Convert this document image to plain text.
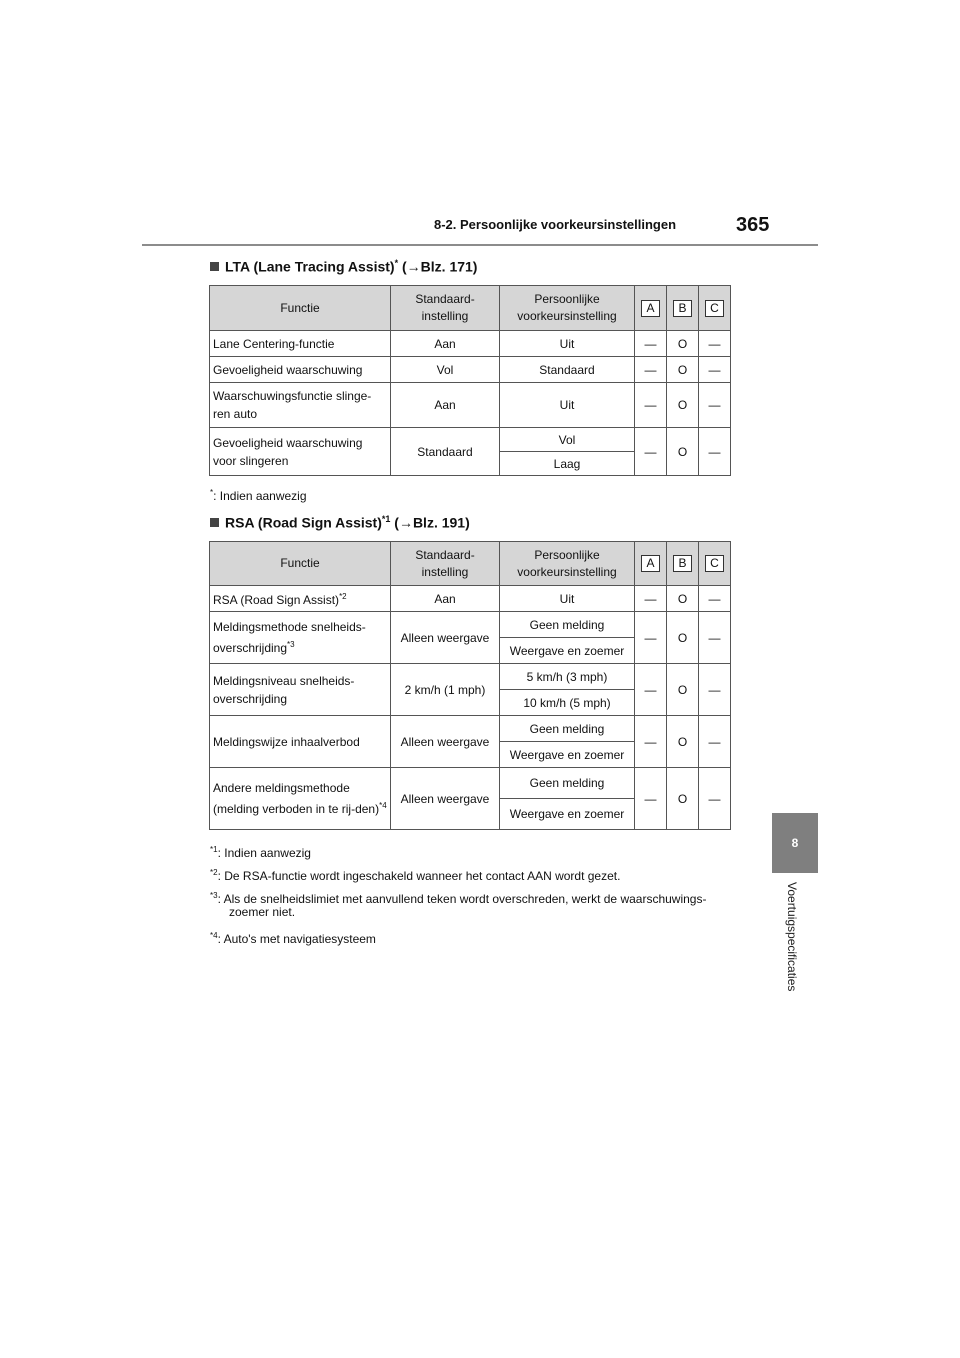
8-2. Persoonlijke voorkeursinstellingen	365
8
Voertuigspecificaties
LTA (Lane Tracing Assist)* (→Blz. 171)
Functie	Standaard-instelling	Persoonlijke voorkeursinstelling	A	B	C
Lane Centering-functie	Aan	Uit	—	O	—
Gevoeligheid waarschuwing	Vol	Standaard	—	O	—
Waarschuwingsfunctie slinge-ren auto	Aan	Uit	—	O	—
Gevoeligheid waarschuwing voor slingeren	Standaard	Vol	—	O	—
		Laag			
*: Indien aanwezig
RSA (Road Sign Assist)$^{*1}$ (→Blz. 191)
Functie	Standaard-instelling	Persoonlijke voorkeursinstelling	A	B	C
RSA (Road Sign Assist)$^{*2}$	Aan	Uit	—	O	—
Meldingsmethode snelheids-overschrijding$^{*3}$	Alleen weergave	Geen melding	—	O	—
		Weergave en zoemer			
Meldingsniveau snelheids-overschrijding	2 km/h (1 mph)	5 km/h (3 mph)	—	O	—
		10 km/h (5 mph)			
Meldingswijze inhaalverbod	Alleen weergave	Geen melding	—	O	—
		Weergave en zoemer			
Andere meldingsmethode (melding verboden in te rij-den)$^{*4}$	Alleen weergave	Geen melding	—	O	—
		Weergave en zoemer			
$^{*1}$: Indien aanwezig
$^{*2}$: De RSA-functie wordt ingeschakeld wanneer het contact AAN wordt gezet.
$^{*3}$: Als de snelheidslimiet met aanvullend teken wordt overschreden, werkt de waarschuwings-
zoemer niet.
$^{*4}$: Auto's met navigatiesysteem
